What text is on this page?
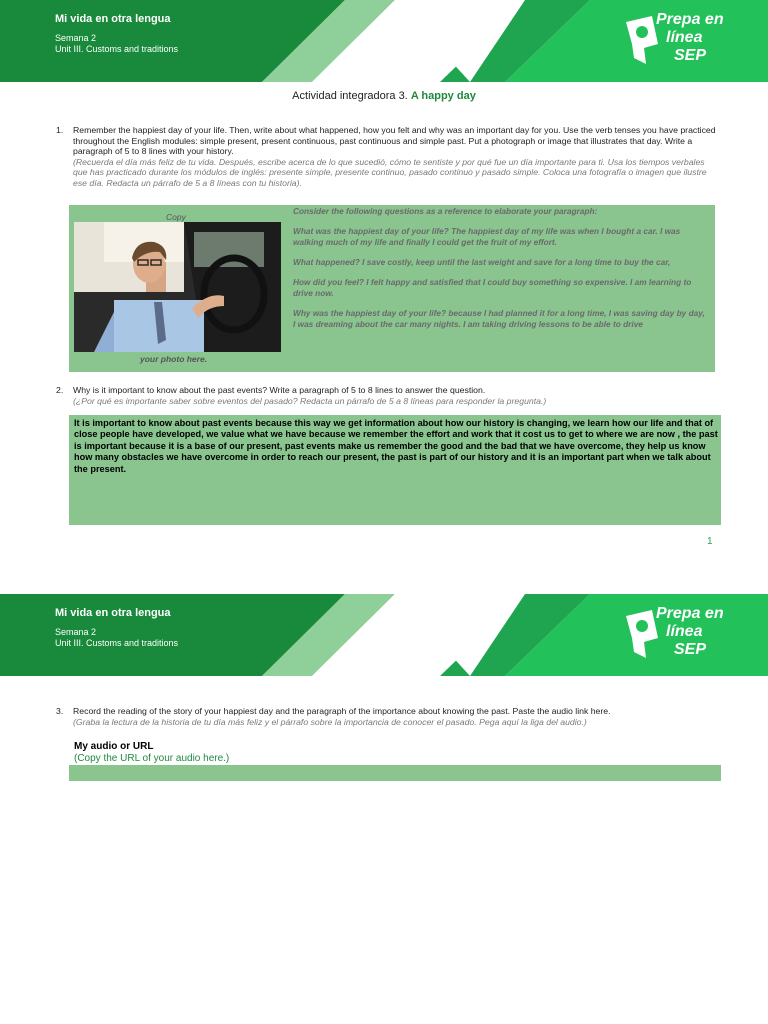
Mi vida en otra lengua
Semana 2
Unit III. Customs and traditions
Prepa en
línea
SEP
Actividad integradora 3. A happy day
1. Remember the happiest day of your life. Then, write about what happened, how you felt and why was an important day for you. Use the verb tenses you have practiced throughout the English modules: simple present, present continuous, past continuous and simple past. Put a photograph or image that illustrates that day. Write a paragraph of 5 to 8 lines with your history.
(Recuerda el día más feliz de tu vida. Después, escribe acerca de lo que sucedió, cómo te sentiste y por qué fue un día importante para ti. Usa los tiempos verbales que has practicado durante los módulos de inglés: presente simple, presente continuo, pasado continuo y pasado simple. Coloca una fotografía o imagen que ilustre ese día. Redacta un párrafo de 5 a 8 líneas con tu historia).
Copy
your photo here.

Consider the following questions as a reference to elaborate your paragraph:

What was the happiest day of your life? The happiest day of my life was when I bought a car. I was walking much of my life and finally I could get the fruit of my effort.

What happened? I save costly, keep until the last weight and save for a long time to buy the car,

How did you feel? I felt happy and satisfied that I could buy something so expensive. I am learning to drive now.

Why was the happiest day of your life? because I had planned it for a long time, I was saving day by day, I was dreaming about the car many nights. I am taking driving lessons to be able to drive

2. Why is it important to know about the past events? Write a paragraph of 5 to 8 lines to answer the question.
(¿Por qué es importante saber sobre eventos del pasado? Redacta un párrafo de 5 a 8 líneas para responder la pregunta.)
It is important to know about past events because this way we get information about how our history is changing, we learn how our life and that of close people have developed, we value what we have because we remember the effort and work that it cost us to get to where we are now , the past is important because it is a base of our present, past events make us remember the good and the bad that we have overcome, they help us know how many obstacles we have overcome in order to reach our present, the past is part of our history and it is an important part when we talk about the present.
1
Mi vida en otra lengua
Semana 2
Unit III. Customs and traditions
Prepa en
línea
SEP
3. Record the reading of the story of your happiest day and the paragraph of the importance about knowing the past. Paste the audio link here.
(Graba la lectura de la historia de tu día más feliz y el párrafo sobre la importancia de conocer el pasado. Pega aquí la liga del audio.)
My audio or URL
(Copy the URL of your audio here.)
